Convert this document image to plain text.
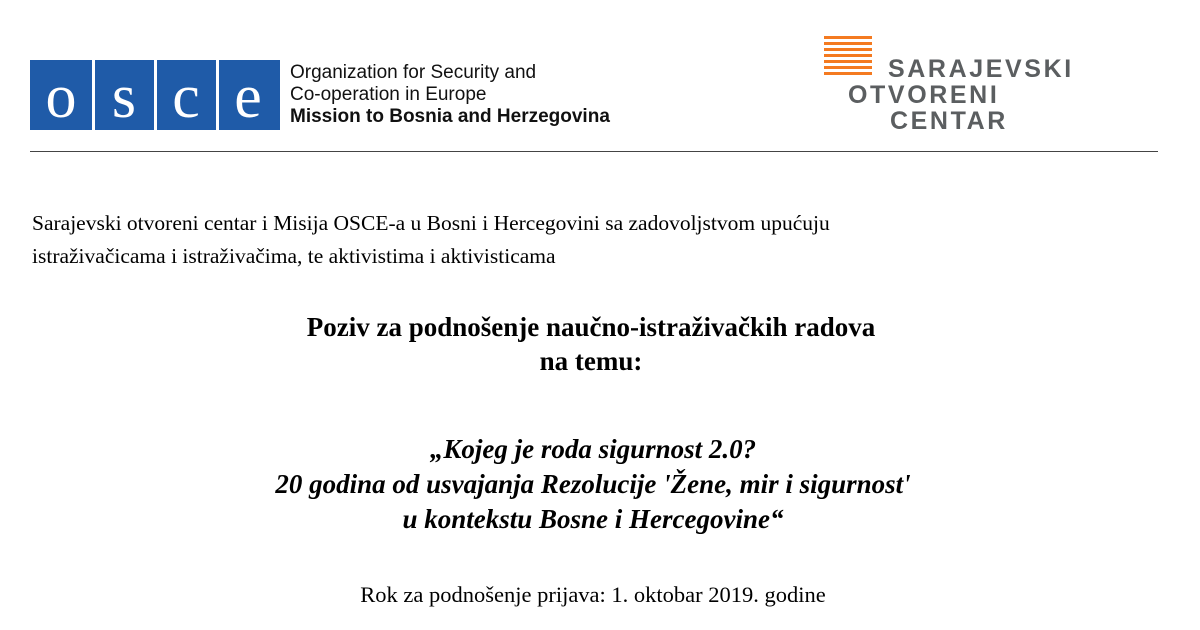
o s c e Organization for Security and
Co-operation in Europe
Mission to Bosnia and Herzegovina
SARAJEVSKI
OTVORENI
CENTAR
Sarajevski otvoreni centar i Misija OSCE-a u Bosni i Hercegovini sa zadovoljstvom upućuju
istraživačicama i istraživačima, te aktivistima i aktivisticama
Poziv za podnošenje naučno-istraživačkih radova
na temu:
„Kojeg je roda sigurnost 2.0?
20 godina od usvajanja Rezolucije 'Žene, mir i sigurnost'
u kontekstu Bosne i Hercegovine“
Rok za podnošenje prijava: 1. oktobar 2019. godine
